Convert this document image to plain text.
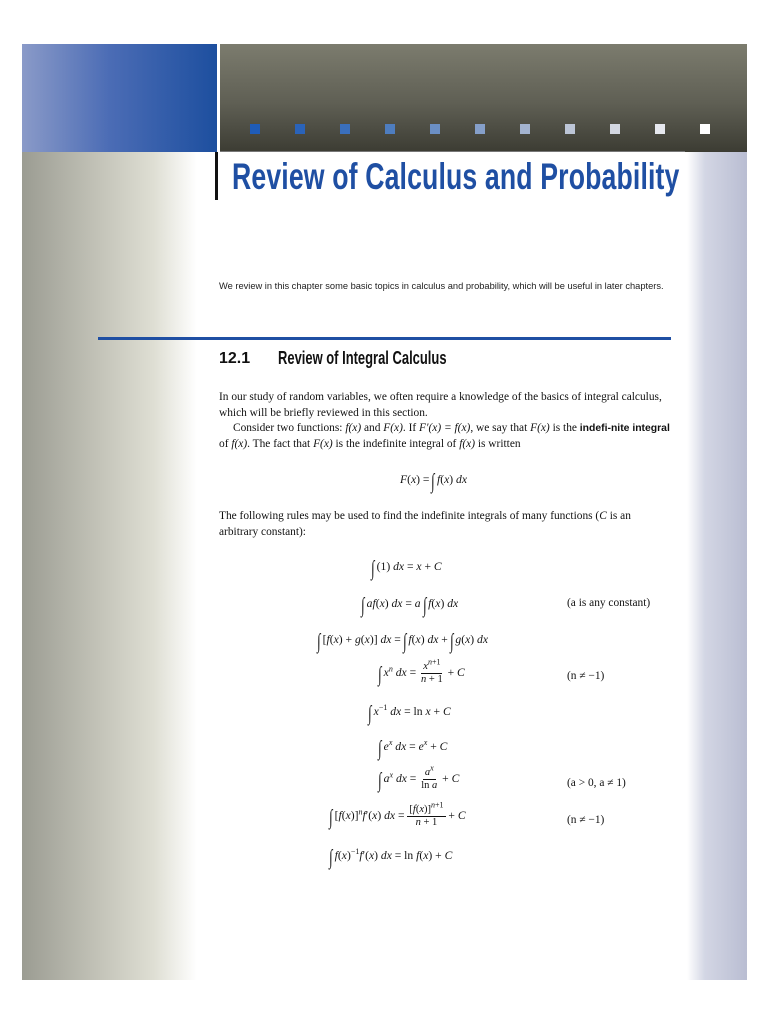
Review of Calculus and Probability

We review in this chapter some basic topics in calculus and probability, which will be useful in later chapters.

12.1 Review of Integral Calculus

In our study of random variables, we often require a knowledge of the basics of integral calculus, which will be briefly reviewed in this section.

Consider two functions: f(x) and F(x). If F′(x) = f(x), we say that F(x) is the indefi-nite integral of f(x). The fact that F(x) is the indefinite integral of f(x) is written

F(x) = ∫ f(x) dx

The following rules may be used to find the indefinite integrals of many functions (C is an arbitrary constant):

∫ (1) dx = x + C
∫ af(x) dx = a ∫ f(x) dx	(a is any constant)
∫ [f(x) + g(x)] dx = ∫ f(x) dx + ∫ g(x) dx
∫ $x^n$ dx = $\frac{x^{n+1}}{n + 1} + C$	(n ≠ −1)
∫ $x^{-1}$ dx = ln x + C
∫ $e^x$ dx = $e^x + C$
∫ $a^x$ dx = $\frac{a^x}{\text{ln a}} + C$	(a > 0, a ≠ 1)
∫ $[f(x)]^nf'(x)$ dx = $\frac{[f(x)]^{n+1}}{n + 1} + C$	(n ≠ −1)
∫ $f(x)^{-1}f'(x)$ dx = ln f(x) + C
